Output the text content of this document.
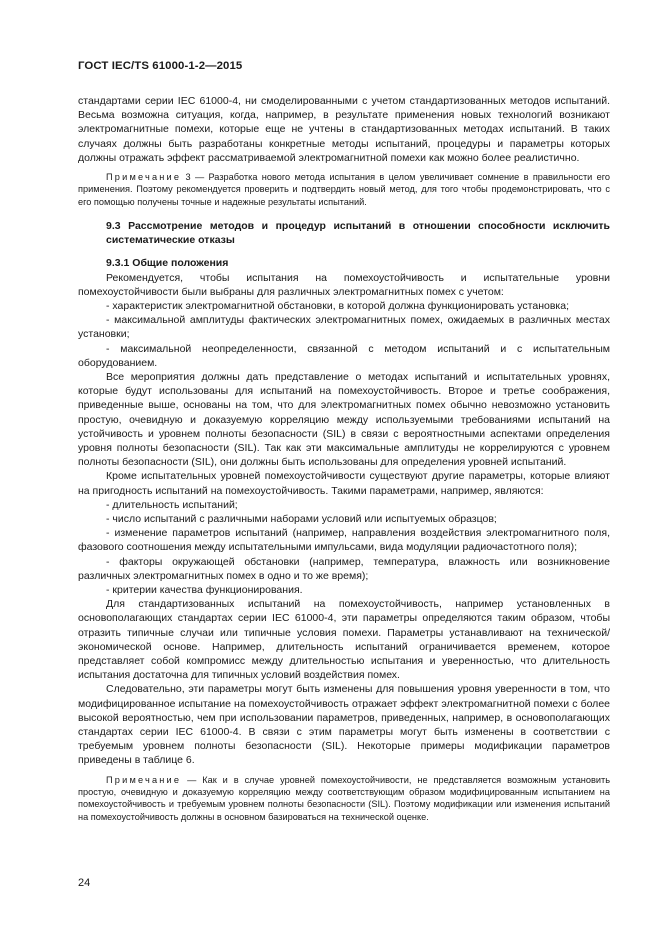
ГОСТ IEC/TS 61000-1-2—2015

стандартами серии IEC 61000-4, ни смоделированными с учетом стандартизованных методов испытаний. Весьма возможна ситуация, когда, например, в результате применения новых технологий возникают электромагнитные помехи, которые еще не учтены в стандартизованных методах испытаний. В таких случаях должны быть разработаны конкретные методы испытаний, процедуры и параметры которых должны отражать эффект рассматриваемой электромагнитной помехи как можно более реалистично.

Примечание 3 — Разработка нового метода испытания в целом увеличивает сомнение в правильности его применения. Поэтому рекомендуется проверить и подтвердить новый метод, для того чтобы продемонстрировать, что с его помощью получены точные и надежные результаты испытаний.

9.3 Рассмотрение методов и процедур испытаний в отношении способности исключить систематические отказы

9.3.1 Общие положения

Рекомендуется, чтобы испытания на помехоустойчивость и испытательные уровни помехоустойчивости были выбраны для различных электромагнитных помех с учетом:

- характеристик электромагнитной обстановки, в которой должна функционировать установка;

- максимальной амплитуды фактических электромагнитных помех, ожидаемых в различных местах установки;

- максимальной неопределенности, связанной с методом испытаний и с испытательным оборудованием.

Все мероприятия должны дать представление о методах испытаний и испытательных уровнях, которые будут использованы для испытаний на помехоустойчивость. Второе и третье соображения, приведенные выше, основаны на том, что для электромагнитных помех обычно невозможно установить простую, очевидную и доказуемую корреляцию между используемыми требованиями испытаний на устойчивость и уровнем полноты безопасности (SIL) в связи с вероятностными аспектами определения уровня полноты безопасности (SIL). Так как эти максимальные амплитуды не коррелируются с уровнем полноты безопасности (SIL), они должны быть использованы для определения уровней испытаний.

Кроме испытательных уровней помехоустойчивости существуют другие параметры, которые влияют на пригодность испытаний на помехоустойчивость. Такими параметрами, например, являются:

- длительность испытаний;

- число испытаний с различными наборами условий или испытуемых образцов;

- изменение параметров испытаний (например, направления воздействия электромагнитного поля, фазового соотношения между испытательными импульсами, вида модуляции радиочастотного поля);

- факторы окружающей обстановки (например, температура, влажность или возникновение различных электромагнитных помех в одно и то же время);

- критерии качества функционирования.

Для стандартизованных испытаний на помехоустойчивость, например установленных в основополагающих стандартах серии IEC 61000-4, эти параметры определяются таким образом, чтобы отразить типичные случаи или типичные условия помехи. Параметры устанавливают на технической/экономической основе. Например, длительность испытаний ограничивается временем, которое представляет собой компромисс между длительностью испытания и уверенностью, что длительность испытания достаточна для типичных условий воздействия помех.

Следовательно, эти параметры могут быть изменены для повышения уровня уверенности в том, что модифицированное испытание на помехоустойчивость отражает эффект электромагнитной помехи с более высокой вероятностью, чем при использовании параметров, приведенных, например, в основополагающих стандартах серии IEC 61000-4. В связи с этим параметры могут быть изменены в соответствии с требуемым уровнем полноты безопасности (SIL). Некоторые примеры модификации параметров приведены в таблице 6.

Примечание — Как и в случае уровней помехоустойчивости, не представляется возможным установить простую, очевидную и доказуемую корреляцию между соответствующим образом модифицированным испытанием на помехоустойчивость и требуемым уровнем полноты безопасности (SIL). Поэтому модификации или изменения испытаний на помехоустойчивость должны в основном базироваться на технической оценке.

24
